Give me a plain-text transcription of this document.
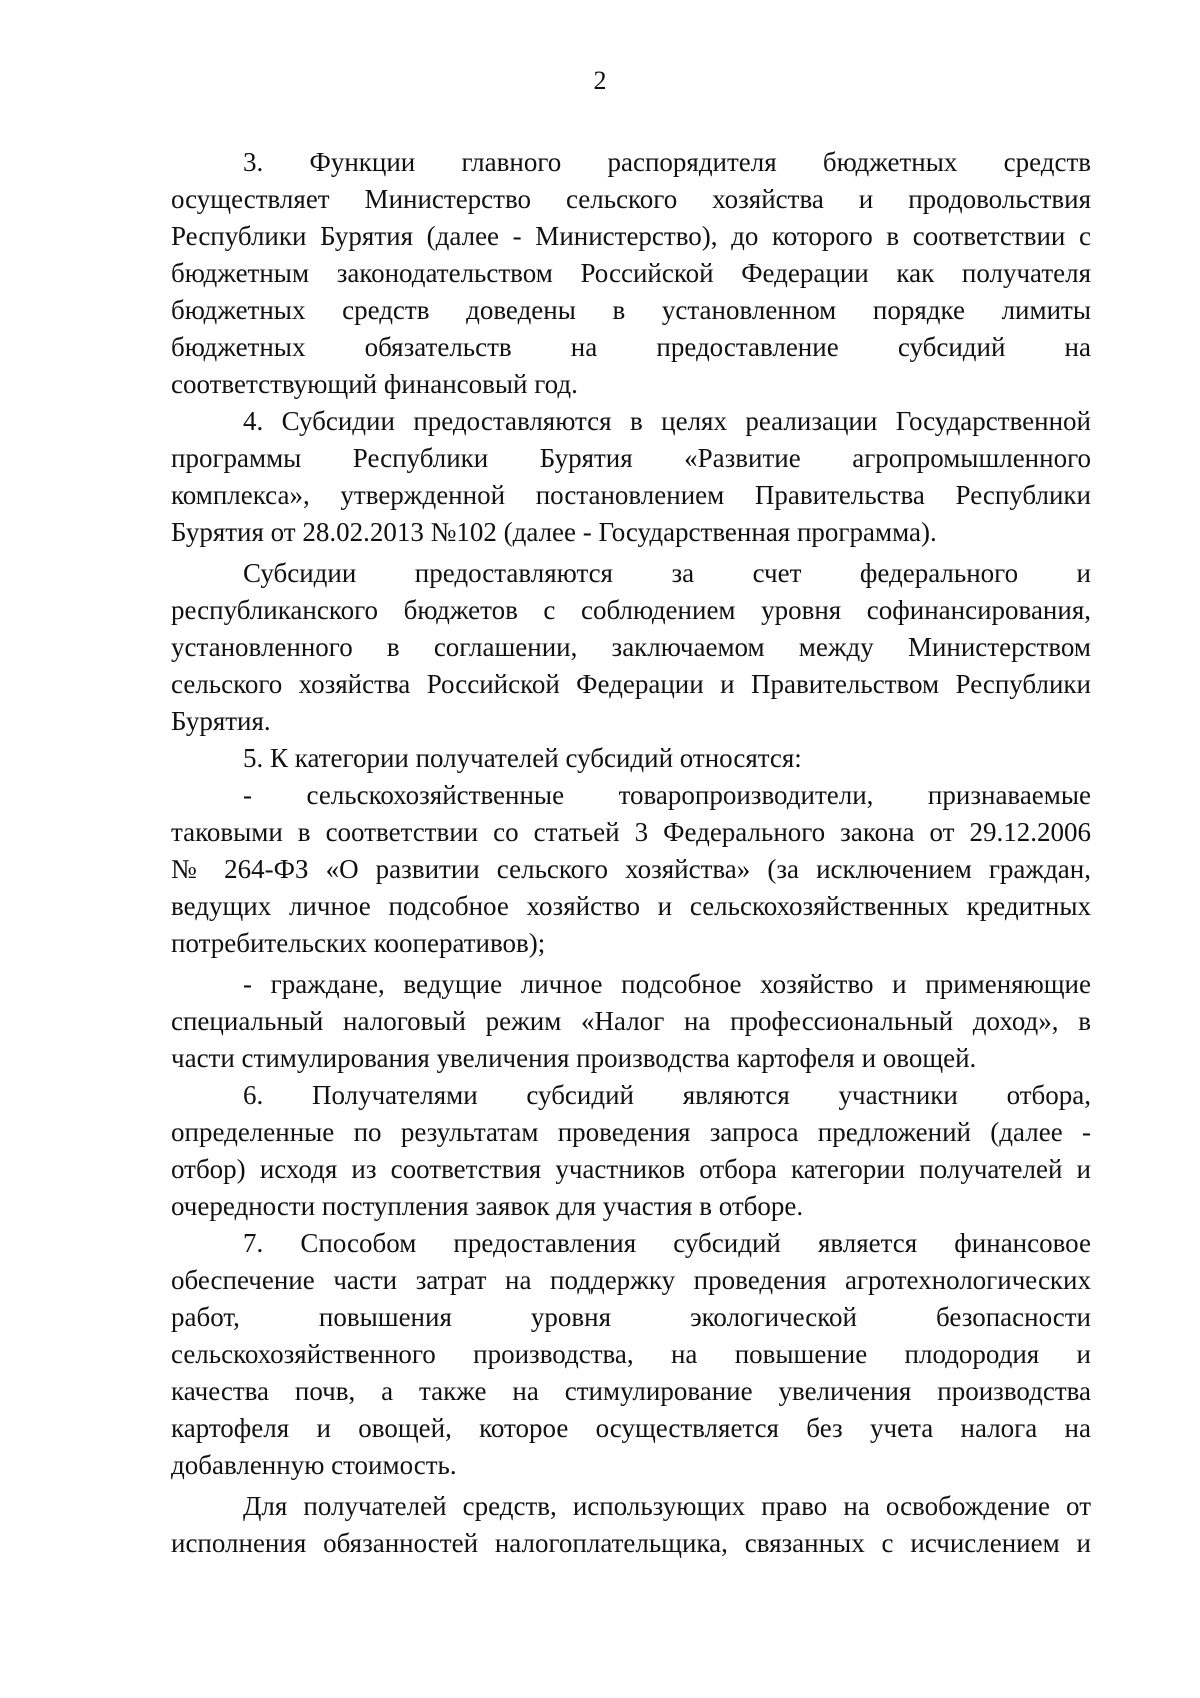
2
3. Функции главного распорядителя бюджетных средств
осуществляет Министерство сельского хозяйства и продовольствия
Республики Бурятия (далее - Министерство), до которого в соответствии с
бюджетным законодательством Российской Федерации как получателя
бюджетных средств доведены в установленном порядке лимиты
бюджетных обязательств на предоставление субсидий на
соответствующий финансовый год.
4. Субсидии предоставляются в целях реализации Государственной
программы Республики Бурятия «Развитие агропромышленного
комплекса», утвержденной постановлением Правительства Республики
Бурятия от 28.02.2013 №102 (далее - Государственная программа).
Субсидии предоставляются за счет федерального и
республиканского бюджетов с соблюдением уровня софинансирования,
установленного в соглашении, заключаемом между Министерством
сельского хозяйства Российской Федерации и Правительством Республики
Бурятия.
5. К категории получателей субсидий относятся:
- сельскохозяйственные товаропроизводители, признаваемые
таковыми в соответствии со статьей 3 Федерального закона от 29.12.2006
№ 264-ФЗ «О развитии сельского хозяйства» (за исключением граждан,
ведущих личное подсобное хозяйство и сельскохозяйственных кредитных
потребительских кооперативов);
- граждане, ведущие личное подсобное хозяйство и применяющие
специальный налоговый режим «Налог на профессиональный доход», в
части стимулирования увеличения производства картофеля и овощей.
6. Получателями субсидий являются участники отбора,
определенные по результатам проведения запроса предложений (далее -
отбор) исходя из соответствия участников отбора категории получателей и
очередности поступления заявок для участия в отборе.
7. Способом предоставления субсидий является финансовое
обеспечение части затрат на поддержку проведения агротехнологических
работ, повышения уровня экологической безопасности
сельскохозяйственного производства, на повышение плодородия и
качества почв, а также на стимулирование увеличения производства
картофеля и овощей, которое осуществляется без учета налога на
добавленную стоимость.
Для получателей средств, использующих право на освобождение от
исполнения обязанностей налогоплательщика, связанных с исчислением и
